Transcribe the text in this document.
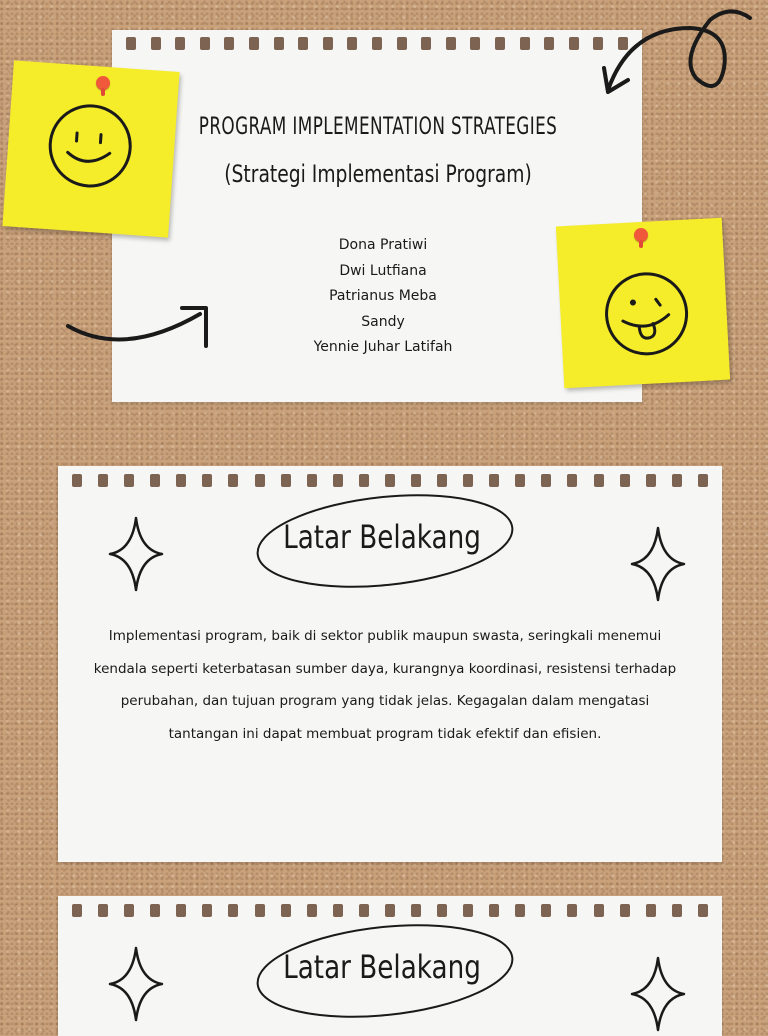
PROGRAM IMPLEMENTATION STRATEGIES
(Strategi Implementasi Program)
Dona Pratiwi
Dwi Lutfiana
Patrianus Meba
Sandy
Yennie Juhar Latifah
Latar Belakang
Implementasi program, baik di sektor publik maupun swasta, seringkali menemui kendala seperti keterbatasan sumber daya, kurangnya koordinasi, resistensi terhadap perubahan, dan tujuan program yang tidak jelas. Kegagalan dalam mengatasi tantangan ini dapat membuat program tidak efektif dan efisien.
Latar Belakang
